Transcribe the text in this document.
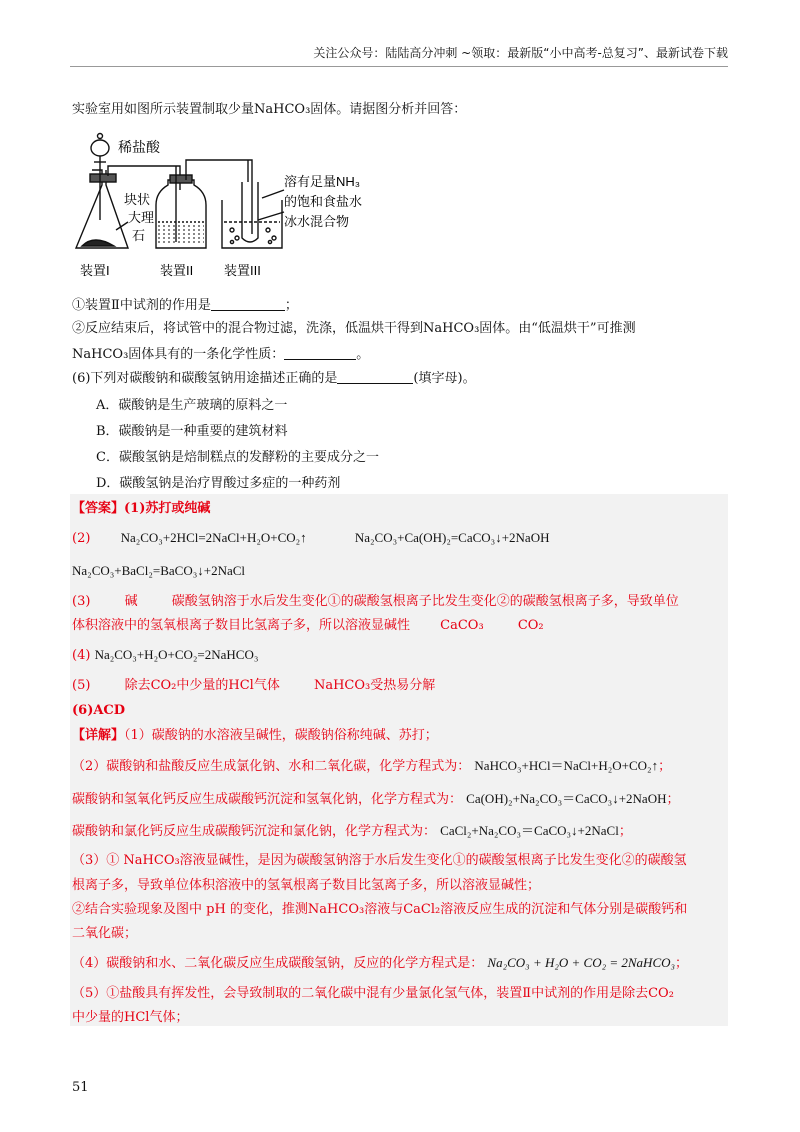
关注公众号：陆陆高分冲刺 ~领取：最新版“小中高考-总复习”、最新试卷下载
实验室用如图所示装置制取少量NaHCO₃固体。请据图分析并回答：
稀盐酸
块状
大理
石
溶有足量NH₃
的饱和食盐水
冰水混合物
装置I	装置II 装置III
①装置Ⅱ中试剂的作用是	；
②反应结束后，将试管中的混合物过滤，洗涤，低温烘干得到NaHCO₃固体。由“低温烘干”可推测
NaHCO₃固体具有的一条化学性质：	。
(6)下列对碳酸钠和碳酸氢钠用途描述正确的是	(填字母)。
A．碳酸钠是生产玻璃的原料之一
B．碳酸钠是一种重要的建筑材料
C．碳酸氢钠是焙制糕点的发酵粉的主要成分之一
D．碳酸氢钠是治疗胃酸过多症的一种药剂
【答案】(1)苏打或纯碱
(2) Na₂CO₃+2HCl=2NaCl+H₂O+CO₂↑	Na₂CO₃+Ca(OH)₂=CaCO₃↓+2NaOH
Na₂CO₃+BaCl₂=BaCO₃↓+2NaCl
(3)	碱	碳酸氢钠溶于水后发生变化①的碳酸氢根离子比发生变化②的碳酸氢根离子多，导致单位
体积溶液中的氢氧根离子数目比氢离子多，所以溶液显碱性 CaCO₃	CO₂
(4) Na₂CO₃+H₂O+CO₂=2NaHCO₃
(5)	除去CO₂中少量的HCl气体	NaHCO₃受热易分解
(6)ACD
【详解】（1）碳酸钠的水溶液呈碱性，碳酸钠俗称纯碱、苏打；
（2）碳酸钠和盐酸反应生成氯化钠、水和二氧化碳，化学方程式为： NaHCO₃+HCl＝NaCl+H₂O+CO₂↑；
碳酸钠和氢氧化钙反应生成碳酸钙沉淀和氢氧化钠，化学方程式为： Ca(OH)₂+Na₂CO₃＝CaCO₃↓+2NaOH；
碳酸钠和氯化钙反应生成碳酸钙沉淀和氯化钠，化学方程式为： CaCl₂+Na₂CO₃＝CaCO₃↓+2NaCl；
（3）① NaHCO₃溶液显碱性，是因为碳酸氢钠溶于水后发生变化①的碳酸氢根离子比发生变化②的碳酸氢
根离子多，导致单位体积溶液中的氢氧根离子数目比氢离子多，所以溶液显碱性；
②结合实验现象及图中 pH 的变化，推测NaHCO₃溶液与CaCl₂溶液反应生成的沉淀和气体分别是碳酸钙和
二氧化碳；
（4）碳酸钠和水、二氧化碳反应生成碳酸氢钠，反应的化学方程式是： Na₂CO₃ + H₂O + CO₂ = 2NaHCO₃；
（5）①盐酸具有挥发性，会导致制取的二氧化碳中混有少量氯化氢气体，装置Ⅱ中试剂的作用是除去CO₂
中少量的HCl气体；
51
